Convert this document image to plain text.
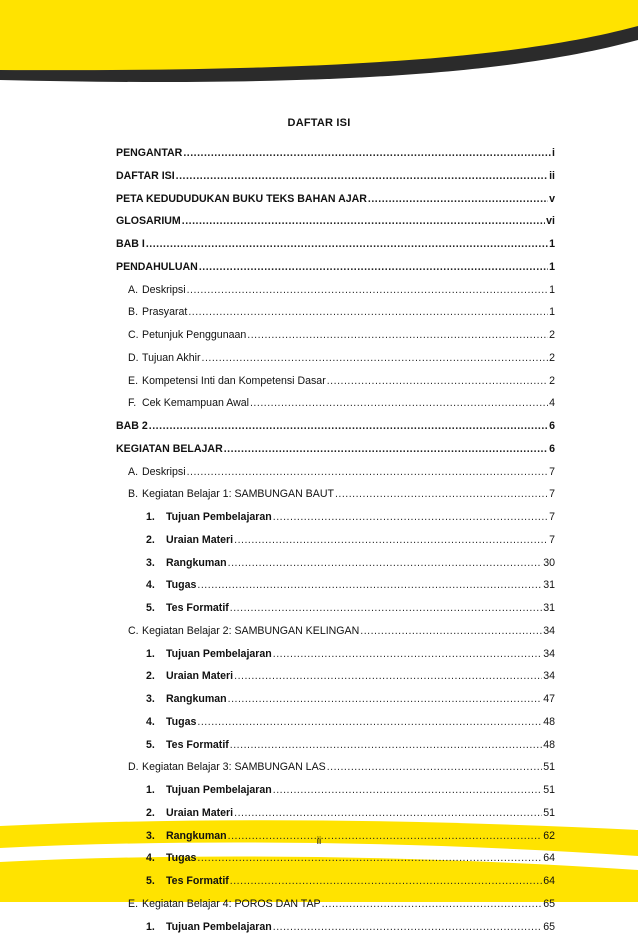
DAFTAR ISI
PENGANTAR .....	i
DAFTAR ISI .....	ii
PETA KEDUDUDUKAN BUKU TEKS BAHAN AJAR .....	v
GLOSARIUM .....	vi
BAB I .....	1
PENDAHULUAN .....	1
A. Deskripsi .....	1
B. Prasyarat .....	1
C. Petunjuk Penggunaan .....	2
D. Tujuan Akhir .....	2
E. Kompetensi Inti dan Kompetensi Dasar .....	2
F. Cek Kemampuan Awal .....	4
BAB 2 .....	6
KEGIATAN BELAJAR .....	6
A. Deskripsi .....	7
B. Kegiatan Belajar 1: SAMBUNGAN BAUT .....	7
1. Tujuan Pembelajaran .....	7
2. Uraian Materi .....	7
3. Rangkuman .....	30
4. Tugas .....	31
5. Tes Formatif .....	31
C. Kegiatan Belajar 2: SAMBUNGAN KELINGAN .....	34
1. Tujuan Pembelajaran .....	34
2. Uraian Materi .....	34
3. Rangkuman .....	47
4. Tugas .....	48
5. Tes Formatif .....	48
D. Kegiatan Belajar 3: SAMBUNGAN LAS .....	51
1. Tujuan Pembelajaran .....	51
2. Uraian Materi .....	51
3. Rangkuman .....	62
4. Tugas .....	64
5. Tes Formatif .....	64
E. Kegiatan Belajar 4: POROS DAN TAP .....	65
1. Tujuan Pembelajaran .....	65
ii
